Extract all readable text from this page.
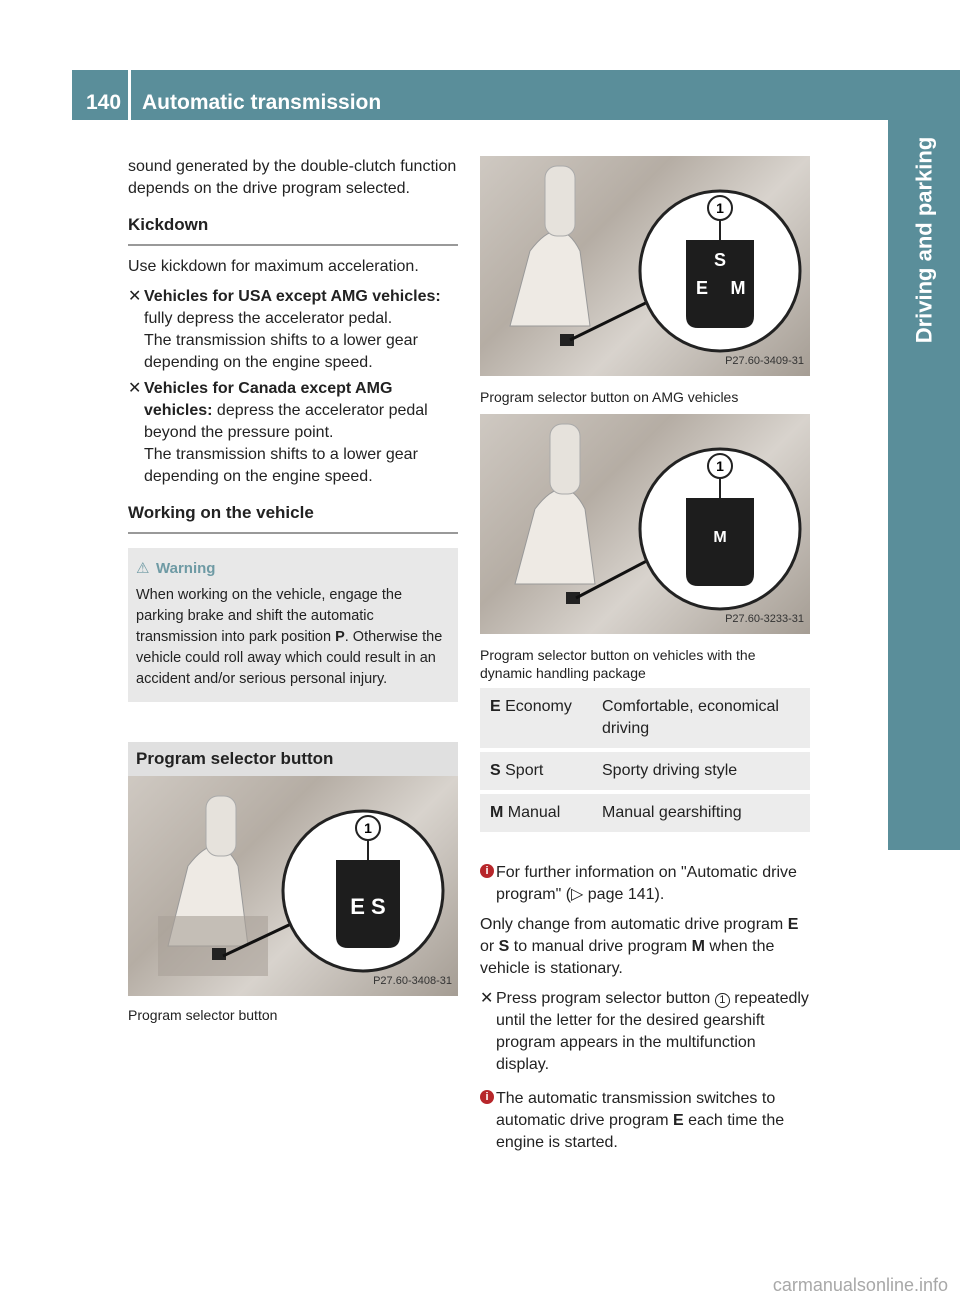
140 Automatic transmission
Driving and parking

sound generated by the double-clutch function depends on the drive program selected.

Kickdown

Use kickdown for maximum acceleration.

✕ Vehicles for USA except AMG vehicles: fully depress the accelerator pedal.
The transmission shifts to a lower gear depending on the engine speed.
✕ Vehicles for Canada except AMG vehicles: depress the accelerator pedal beyond the pressure point.
The transmission shifts to a lower gear depending on the engine speed.
Working on the vehicle
⚠ Warning
When working on the vehicle, engage the parking brake and shift the automatic transmission into park position P. Otherwise the vehicle could roll away which could result in an accident and/or serious personal injury.
Program selector button
1
E S
P27.60-3408-31
Program selector button
1
S
E M
P27.60-3409-31
Program selector button on AMG vehicles
1
M
P27.60-3233-31
Program selector button on vehicles with the dynamic handling package
E Economy	Comfortable, economical driving
S Sport	Sporty driving style
M Manual	Manual gearshifting
i For further information on "Automatic drive program" (▷ page 141).

Only change from automatic drive program E or S to manual drive program M when the vehicle is stationary.

✕ Press program selector button 1 repeatedly until the letter for the desired gearshift program appears in the multifunction display.
i The automatic transmission switches to automatic drive program E each time the engine is started.
carmanualsonline.info
